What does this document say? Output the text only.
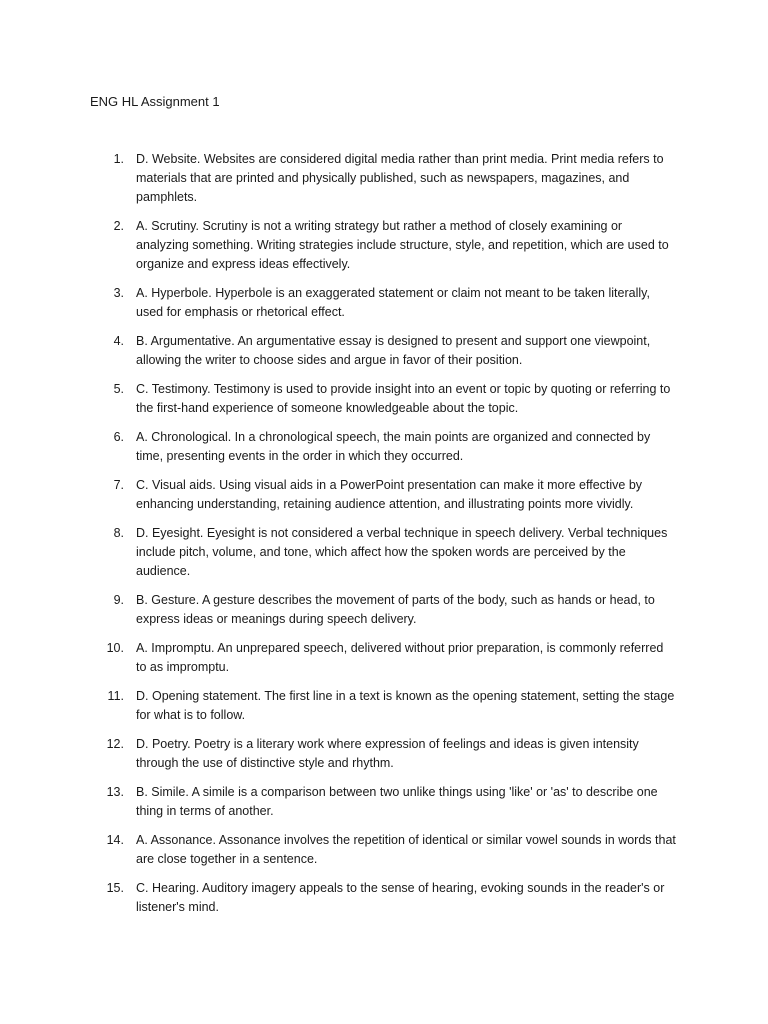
ENG HL Assignment 1
1. D. Website. Websites are considered digital media rather than print media. Print media refers to materials that are printed and physically published, such as newspapers, magazines, and pamphlets.
2. A. Scrutiny. Scrutiny is not a writing strategy but rather a method of closely examining or analyzing something. Writing strategies include structure, style, and repetition, which are used to organize and express ideas effectively.
3. A. Hyperbole. Hyperbole is an exaggerated statement or claim not meant to be taken literally, used for emphasis or rhetorical effect.
4. B. Argumentative. An argumentative essay is designed to present and support one viewpoint, allowing the writer to choose sides and argue in favor of their position.
5. C. Testimony. Testimony is used to provide insight into an event or topic by quoting or referring to the first-hand experience of someone knowledgeable about the topic.
6. A. Chronological. In a chronological speech, the main points are organized and connected by time, presenting events in the order in which they occurred.
7. C. Visual aids. Using visual aids in a PowerPoint presentation can make it more effective by enhancing understanding, retaining audience attention, and illustrating points more vividly.
8. D. Eyesight. Eyesight is not considered a verbal technique in speech delivery. Verbal techniques include pitch, volume, and tone, which affect how the spoken words are perceived by the audience.
9. B. Gesture. A gesture describes the movement of parts of the body, such as hands or head, to express ideas or meanings during speech delivery.
10. A. Impromptu. An unprepared speech, delivered without prior preparation, is commonly referred to as impromptu.
11. D. Opening statement. The first line in a text is known as the opening statement, setting the stage for what is to follow.
12. D. Poetry. Poetry is a literary work where expression of feelings and ideas is given intensity through the use of distinctive style and rhythm.
13. B. Simile. A simile is a comparison between two unlike things using 'like' or 'as' to describe one thing in terms of another.
14. A. Assonance. Assonance involves the repetition of identical or similar vowel sounds in words that are close together in a sentence.
15. C. Hearing. Auditory imagery appeals to the sense of hearing, evoking sounds in the reader's or listener's mind.
